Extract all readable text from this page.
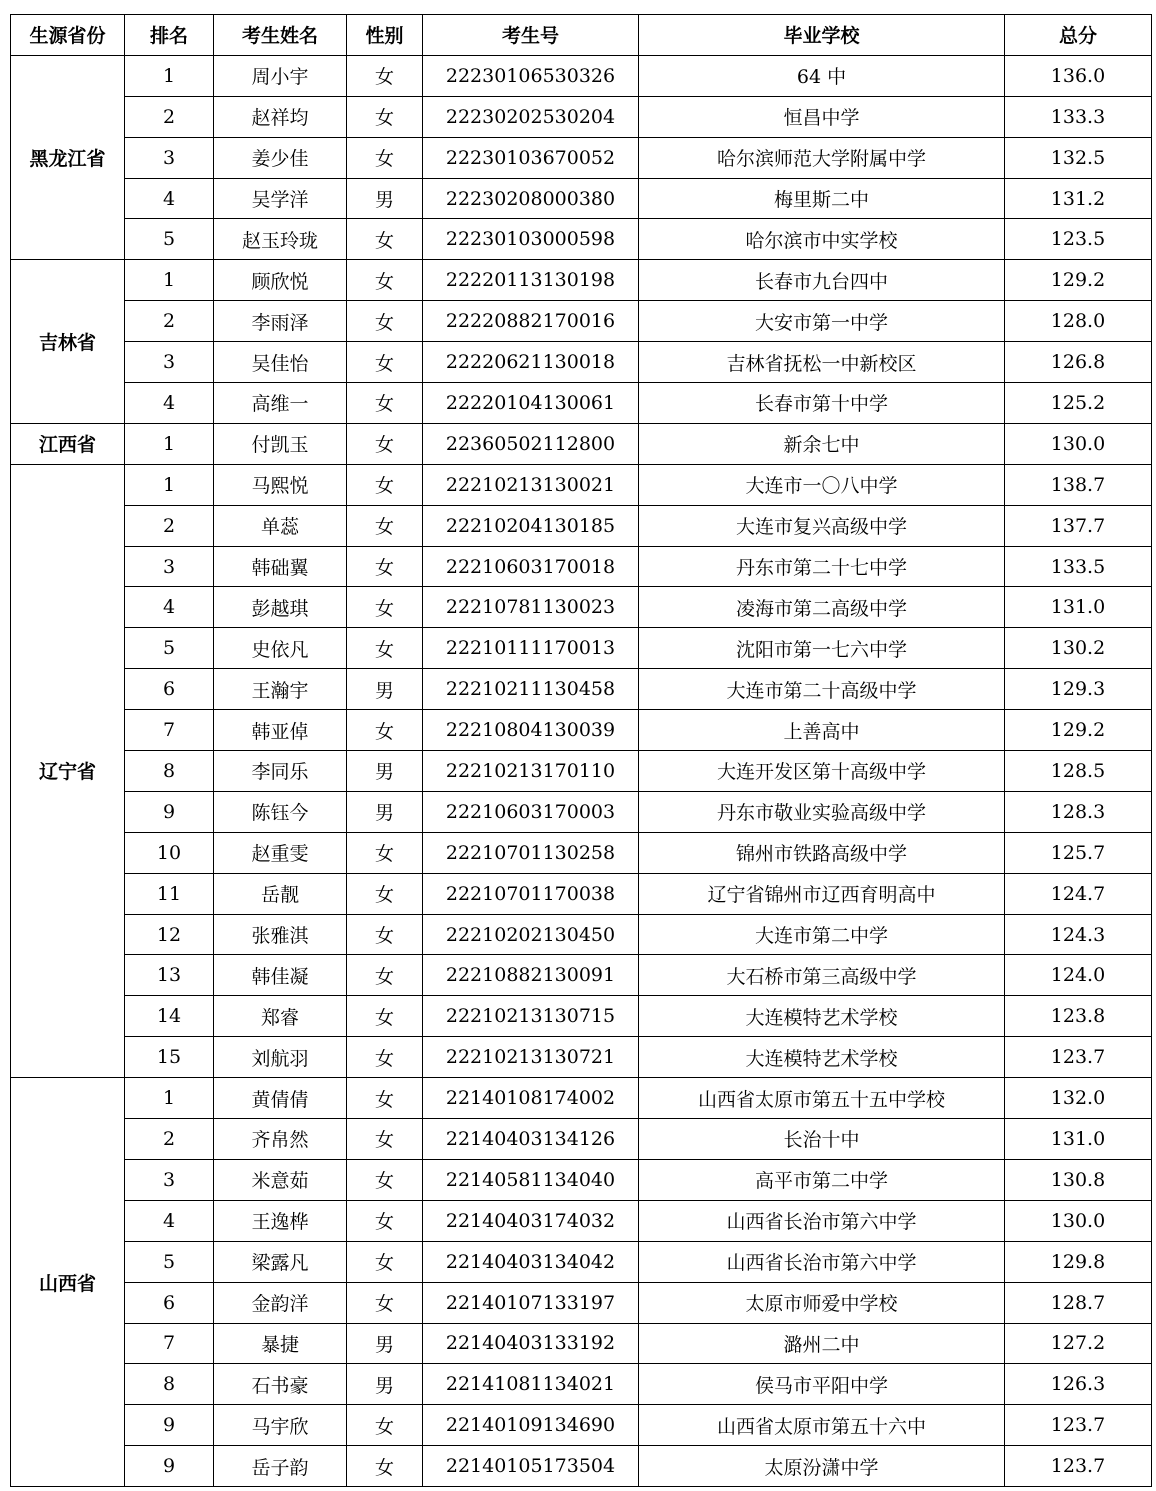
生源省份	排名	考生姓名	性别	考生号	毕业学校	总分
黑龙江省	1	周小宇	女	22230106530326	64 中	136.0
	2	赵祥均	女	22230202530204	恒昌中学	133.3
	3	姜少佳	女	22230103670052	哈尔滨师范大学附属中学	132.5
	4	吴学洋	男	22230208000380	梅里斯二中	131.2
	5	赵玉玲珑	女	22230103000598	哈尔滨市中实学校	123.5
吉林省	1	顾欣悦	女	22220113130198	长春市九台四中	129.2
	2	李雨泽	女	22220882170016	大安市第一中学	128.0
	3	吴佳怡	女	22220621130018	吉林省抚松一中新校区	126.8
	4	高维一	女	22220104130061	长春市第十中学	125.2
江西省	1	付凯玉	女	22360502112800	新余七中	130.0
辽宁省	1	马熙悦	女	22210213130021	大连市一〇八中学	138.7
	2	单蕊	女	22210204130185	大连市复兴高级中学	137.7
	3	韩础翼	女	22210603170018	丹东市第二十七中学	133.5
	4	彭越琪	女	22210781130023	凌海市第二高级中学	131.0
	5	史依凡	女	22210111170013	沈阳市第一七六中学	130.2
	6	王瀚宇	男	22210211130458	大连市第二十高级中学	129.3
	7	韩亚倬	女	22210804130039	上善高中	129.2
	8	李同乐	男	22210213170110	大连开发区第十高级中学	128.5
	9	陈钰今	男	22210603170003	丹东市敬业实验高级中学	128.3
	10	赵重雯	女	22210701130258	锦州市铁路高级中学	125.7
	11	岳靓	女	22210701170038	辽宁省锦州市辽西育明高中	124.7
	12	张雅淇	女	22210202130450	大连市第二中学	124.3
	13	韩佳凝	女	22210882130091	大石桥市第三高级中学	124.0
	14	郑睿	女	22210213130715	大连模特艺术学校	123.8
	15	刘航羽	女	22210213130721	大连模特艺术学校	123.7
山西省	1	黄倩倩	女	22140108174002	山西省太原市第五十五中学校	132.0
	2	齐帛然	女	22140403134126	长治十中	131.0
	3	米意茹	女	22140581134040	高平市第二中学	130.8
	4	王逸桦	女	22140403174032	山西省长治市第六中学	130.0
	5	梁露凡	女	22140403134042	山西省长治市第六中学	129.8
	6	金韵洋	女	22140107133197	太原市师爱中学校	128.7
	7	暴捷	男	22140403133192	潞州二中	127.2
	8	石书豪	男	22141081134021	侯马市平阳中学	126.3
	9	马宇欣	女	22140109134690	山西省太原市第五十六中	123.7
	9	岳子韵	女	22140105173504	太原汾潇中学	123.7
